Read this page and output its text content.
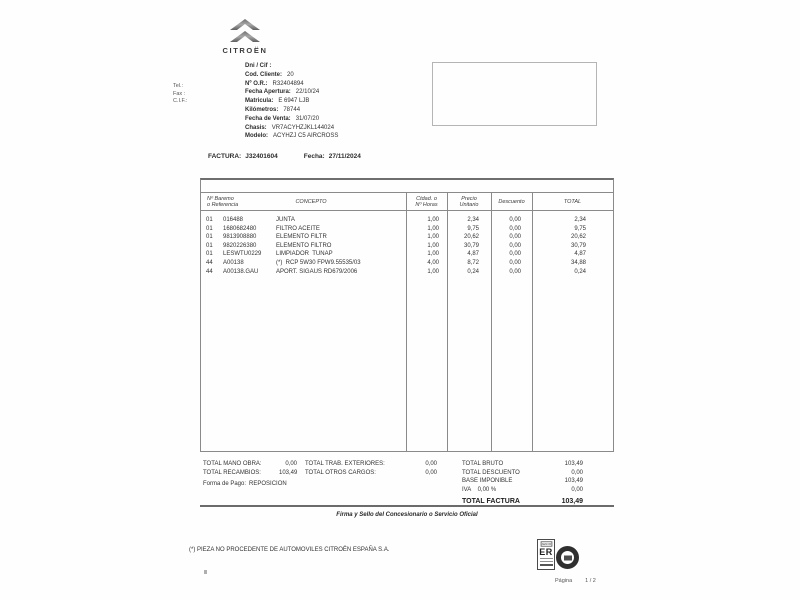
CITROËN
Tel.:
Fax :
C.I.F.:
Dni / Cif :
Cod. Cliente: 20
Nº O.R.: R32404894
Fecha Apertura: 22/10/24
Matricula: E 6947 LJB
Kilómetros: 78744
Fecha de Venta: 31/07/20
Chasis: VR7ACYHZJKL144024
Modelo: ACYHZJ C5 AIRCROSS
FACTURA: J32401604	Fecha: 27/11/2024
Nº Baremo
o Referencia
CONCEPTO	Ctdad. o
Nº Horas
Precio
Unitario
Descuento	TOTAL
01	016488	JUNTA	1,00	2,34	0,00	2,34
01	1680682480	FILTRO ACEITE	1,00	9,75	0,00	9,75
01	9813908880	ELEMENTO FILTR	1,00	20,62	0,00	20,62
01	9820226380	ELEMENTO FILTRO	1,00	30,79	0,00	30,79
01	LESWTU0229	LIMPIADOR  TUNAP	1,00	4,87	0,00	4,87
44	A00138	(*)  RCP 5W30 FPW9.55535/03	4,00	8,72	0,00	34,88
44	A00138.GAU	APORT. SIGAUS RD679/2006	1,00	0,24	0,00	0,24
TOTAL MANO OBRA:	0,00 TOTAL TRAB. EXTERIORES:	0,00
TOTAL RECAMBIOS:	103,49 TOTAL OTROS CARGOS:	0,00
Forma de Pago: REPOSICION
TOTAL BRUTO	103,49
TOTAL DESCUENTO	0,00
BASE IMPONIBLE	103,49
IVA    0,00 %	0,00
TOTAL FACTURA	103,49
Firma y Sello del Concesionario o Servicio Oficial
(*) PIEZA NO PROCEDENTE DE AUTOMOVILES CITROËN ESPAÑA S.A.
AENOR
ER
Página 1 / 2
